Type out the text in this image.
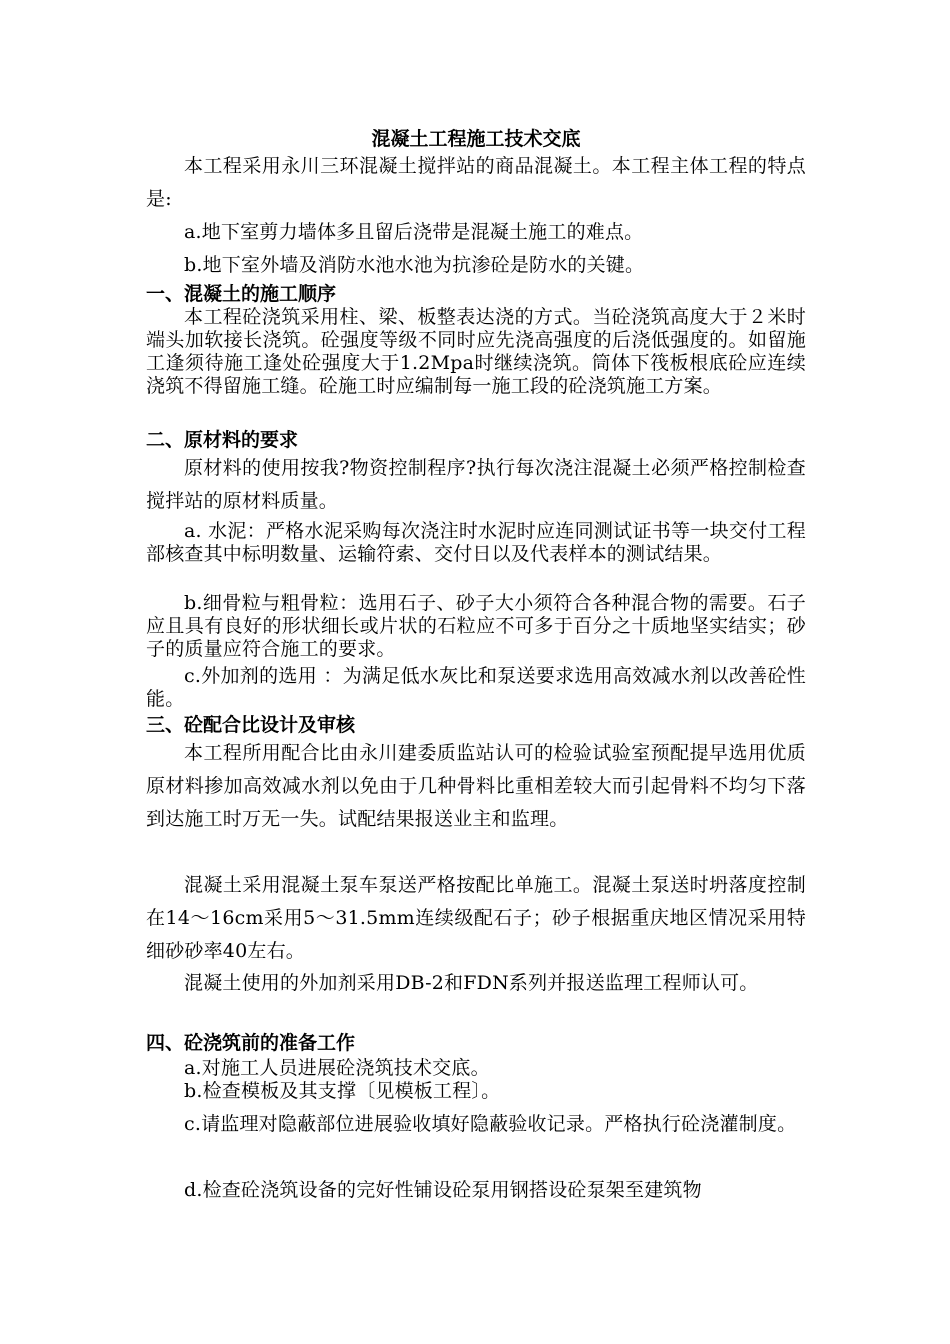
混凝土工程施工技术交底

本工程采用永川三环混凝土搅拌站的商品混凝土。本工程主体工程的特点是:

a.地下室剪力墙体多且留后浇带是混凝土施工的难点。

b.地下室外墙及消防水池水池为抗渗砼是防水的关键。

一、混凝土的施工顺序

本工程砼浇筑采用柱、梁、板整表达浇的方式。当砼浇筑高度大于２米时端头加软接长浇筑。砼强度等级不同时应先浇高强度的后浇低强度的。如留施工逢须待施工逢处砼强度大于1.2Mpa时继续浇筑。筒体下筏板根底砼应连续浇筑不得留施工缝。砼施工时应编制每一施工段的砼浇筑施工方案。

二、原材料的要求

原材料的使用按我?物资控制程序?执行每次浇注混凝土必须严格控制检查搅拌站的原材料质量。

a. 水泥：严格水泥采购每次浇注时水泥时应连同测试证书等一块交付工程部核查其中标明数量、运输符索、交付日以及代表样本的测试结果。

b.细骨粒与粗骨粒：选用石子、砂子大小须符合各种混合物的需要。石子应且具有良好的形状细长或片状的石粒应不可多于百分之十质地坚实结实；砂子的质量应符合施工的要求。

c.外加剂的选用 ：为满足低水灰比和泵送要求选用高效减水剂以改善砼性能。

三、砼配合比设计及审核

本工程所用配合比由永川建委质监站认可的检验试验室预配提早选用优质原材料掺加高效减水剂以免由于几种骨料比重相差较大而引起骨料不均匀下落到达施工时万无一失。试配结果报送业主和监理。

混凝土采用混凝土泵车泵送严格按配比单施工。混凝土泵送时坍落度控制在14～16cm采用5～31.5mm连续级配石子；砂子根据重庆地区情况采用特细砂砂率40左右。

混凝土使用的外加剂采用DB-2和FDN系列并报送监理工程师认可。

四、砼浇筑前的准备工作

a.对施工人员进展砼浇筑技术交底。

b.检查模板及其支撑〔见模板工程〕。

c.请监理对隐蔽部位进展验收填好隐蔽验收记录。严格执行砼浇灌制度。

d.检查砼浇筑设备的完好性铺设砼泵用钢搭设砼泵架至建筑物
